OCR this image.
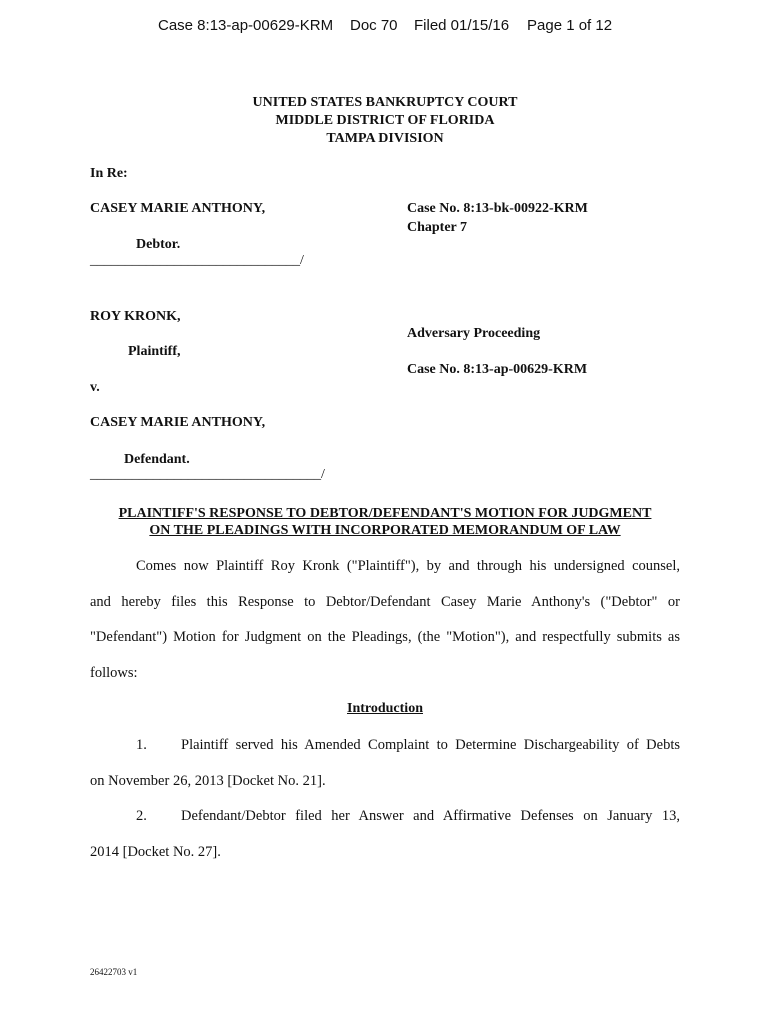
Case 8:13-ap-00629-KRM Doc 70 Filed 01/15/16 Page 1 of 12
UNITED STATES BANKRUPTCY COURT
MIDDLE DISTRICT OF FLORIDA
TAMPA DIVISION
In Re:
CASEY MARIE ANTHONY,
Debtor.
______________________________/
Case No. 8:13-bk-00922-KRM
Chapter 7
ROY KRONK,
Plaintiff,
v.
CASEY MARIE ANTHONY,
Defendant.
_________________________________/
Adversary Proceeding
Case No. 8:13-ap-00629-KRM
PLAINTIFF'S RESPONSE TO DEBTOR/DEFENDANT'S MOTION FOR JUDGMENT
ON THE PLEADINGS WITH INCORPORATED MEMORANDUM OF LAW
Comes now Plaintiff Roy Kronk ("Plaintiff"), by and through his undersigned counsel,
and hereby files this Response to Debtor/Defendant Casey Marie Anthony's ("Debtor" or
"Defendant") Motion for Judgment on the Pleadings, (the "Motion"), and respectfully submits as
follows:
Introduction
1. Plaintiff served his Amended Complaint to Determine Dischargeability of Debts
on November 26, 2013 [Docket No. 21].
2. Defendant/Debtor filed her Answer and Affirmative Defenses on January 13,
2014 [Docket No. 27].
26422703 v1
